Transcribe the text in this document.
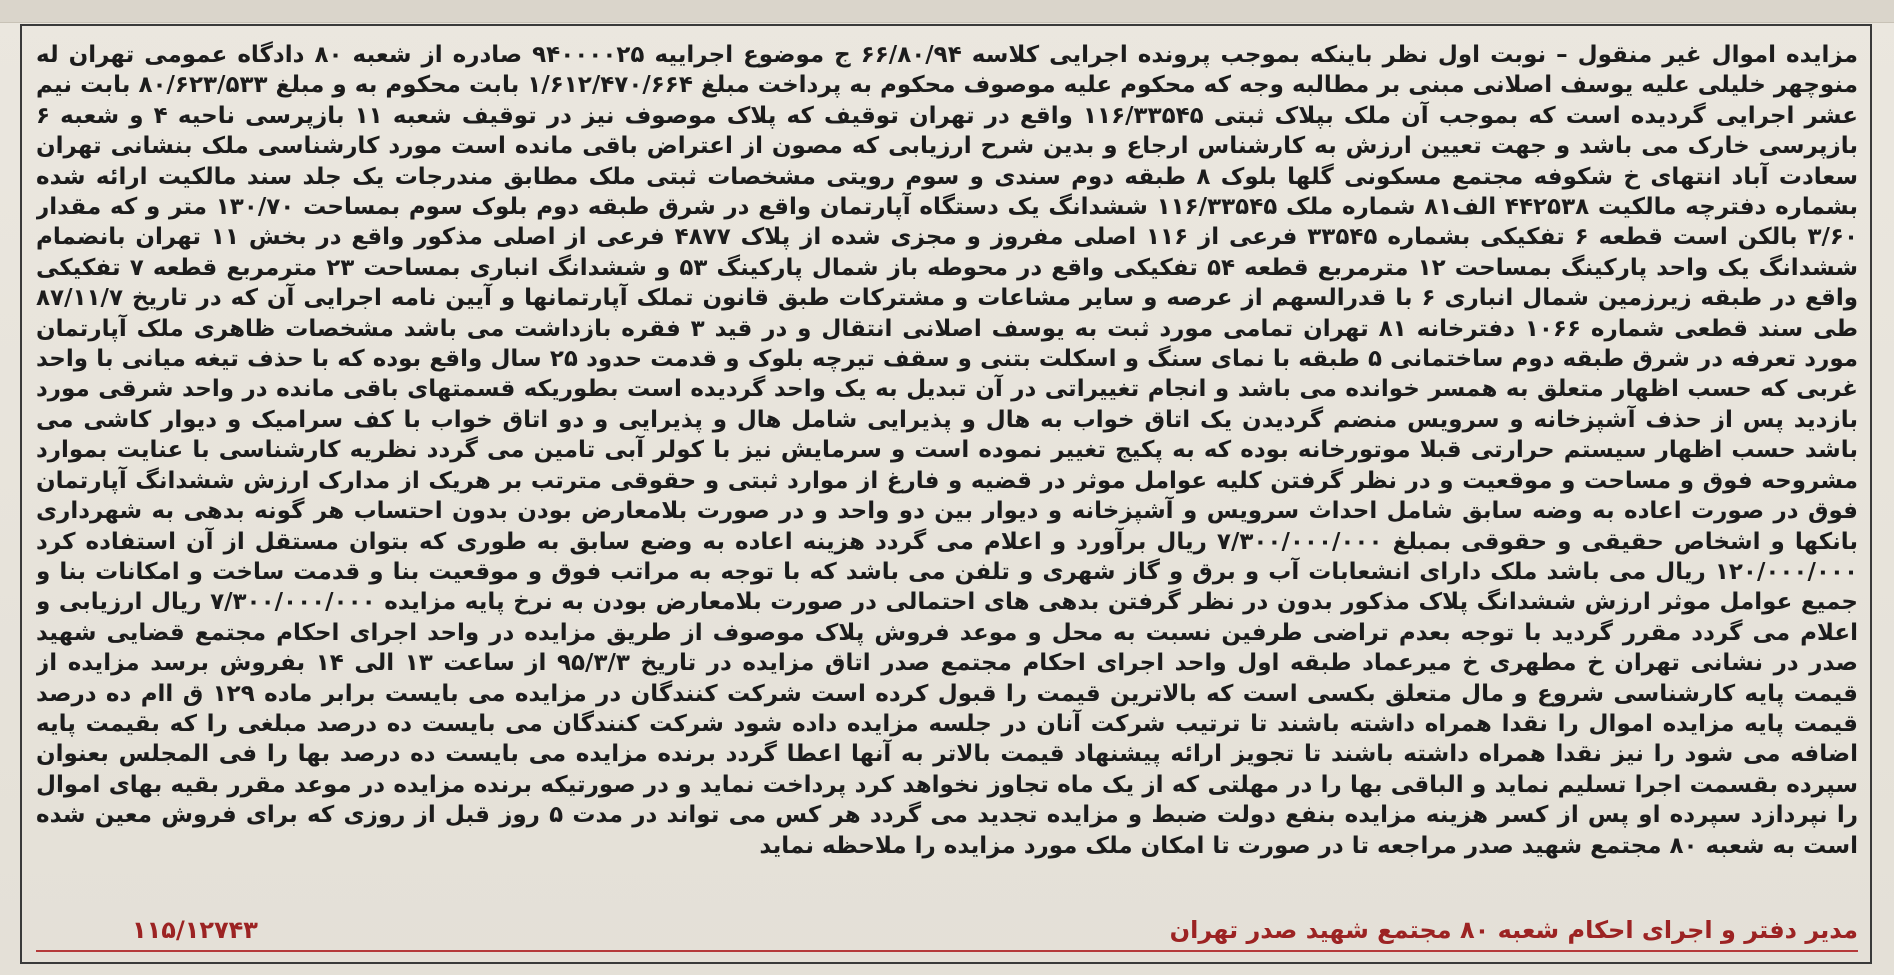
مزایده اموال غیر منقول – نوبت اول نظر باینکه بموجب پرونده اجرایی کلاسه ۶۶/۸۰/۹۴ ج موضوع اجراییه ۹۴۰۰۰۰۲۵ صادره از شعبه ۸۰ دادگاه عمومی تهران له منوچهر خلیلی علیه یوسف اصلانی مبنی بر مطالبه وجه که محکوم علیه موصوف محکوم به پرداخت مبلغ ۱/۶۱۲/۴۷۰/۶۶۴ بابت محکوم به و مبلغ ۸۰/۶۲۳/۵۳۳ بابت نیم عشر اجرایی گردیده است که بموجب آن ملک بپلاک ثبتی ۱۱۶/۳۳۵۴۵ واقع در تهران توقیف که پلاک موصوف نیز در توقیف شعبه ۱۱ بازپرسی ناحیه ۴ و شعبه ۶ بازپرسی خارک می باشد و جهت تعیین ارزش به کارشناس ارجاع و بدین شرح ارزیابی که مصون از اعتراض باقی مانده است مورد کارشناسی ملک بنشانی تهران سعادت آباد انتهای خ شکوفه مجتمع مسکونی گلها بلوک ۸ طبقه دوم سندی و سوم رویتی مشخصات ثبتی ملک مطابق مندرجات یک جلد سند مالکیت ارائه شده بشماره دفترچه مالکیت ۴۴۲۵۳۸ الف۸۱ شماره ملک ۱۱۶/۳۳۵۴۵ ششدانگ یک دستگاه آپارتمان واقع در شرق طبقه دوم بلوک سوم بمساحت ۱۳۰/۷۰ متر و که مقدار ۳/۶۰ بالکن است قطعه ۶ تفکیکی بشماره ۳۳۵۴۵ فرعی از ۱۱۶ اصلی مفروز و مجزی شده از پلاک ۴۸۷۷ فرعی از اصلی مذکور واقع در بخش ۱۱ تهران بانضمام ششدانگ یک واحد پارکینگ بمساحت ۱۲ مترمربع قطعه ۵۴ تفکیکی واقع در محوطه باز شمال پارکینگ ۵۳ و ششدانگ انباری بمساحت ۲۳ مترمربع قطعه ۷ تفکیکی واقع در طبقه زیرزمین شمال انباری ۶ با قدرالسهم از عرصه و سایر مشاعات و مشترکات طبق قانون تملک آپارتمانها و آیین نامه اجرایی آن که در تاریخ ۸۷/۱۱/۷ طی سند قطعی شماره ۱۰۶۶ دفترخانه ۸۱ تهران تمامی مورد ثبت به یوسف اصلانی انتقال و در قید ۳ فقره بازداشت می باشد مشخصات ظاهری ملک آپارتمان مورد تعرفه در شرق طبقه دوم ساختمانی ۵ طبقه با نمای سنگ و اسکلت بتنی و سقف تیرچه بلوک و قدمت حدود ۲۵ سال واقع بوده که با حذف تیغه میانی با واحد غربی که حسب اظهار متعلق به همسر خوانده می باشد و انجام تغییراتی در آن تبدیل به یک واحد گردیده است بطوریکه قسمتهای باقی مانده در واحد شرقی مورد بازدید پس از حذف آشپزخانه و سرویس منضم گردیدن یک اتاق خواب به هال و پذیرایی شامل هال و پذیرایی و دو اتاق خواب با کف سرامیک و دیوار کاشی می باشد حسب اظهار سیستم حرارتی قبلا موتورخانه بوده که به پکیج تغییر نموده است و سرمایش نیز با کولر آبی تامین می گردد نظریه کارشناسی با عنایت بموارد مشروحه فوق و مساحت و موقعیت و در نظر گرفتن کلیه عوامل موثر در قضیه و فارغ از موارد ثبتی و حقوقی مترتب بر هریک از مدارک ارزش ششدانگ آپارتمان فوق در صورت اعاده به وضه سابق شامل احداث سرویس و آشپزخانه و دیوار بین دو واحد و در صورت بلامعارض بودن بدون احتساب هر گونه بدهی به شهرداری بانکها و اشخاص حقیقی و حقوقی بمبلغ ۷/۳۰۰/۰۰۰/۰۰۰ ریال برآورد و اعلام می گردد هزینه اعاده به وضع سابق به طوری که بتوان مستقل از آن استفاده کرد ۱۲۰/۰۰۰/۰۰۰ ریال می باشد ملک دارای انشعابات آب و برق و گاز شهری و تلفن می باشد که با توجه به مراتب فوق و موقعیت بنا و قدمت ساخت و امکانات بنا و جمیع عوامل موثر ارزش ششدانگ پلاک مذکور بدون در نظر گرفتن بدهی های احتمالی در صورت بلامعارض بودن به نرخ پایه مزایده ۷/۳۰۰/۰۰۰/۰۰۰ ریال ارزیابی و اعلام می گردد مقرر گردید با توجه بعدم تراضی طرفین نسبت به محل و موعد فروش پلاک موصوف از طریق مزایده در واحد اجرای احکام مجتمع قضایی شهید صدر در نشانی تهران خ مطهری خ میرعماد طبقه اول واحد اجرای احکام مجتمع صدر اتاق مزایده در تاریخ ۹۵/۳/۳ از ساعت ۱۳ الی ۱۴ بفروش برسد مزایده از قیمت پایه کارشناسی شروع و مال متعلق بکسی است که بالاترین قیمت را قبول کرده است شرکت کنندگان در مزایده می بایست برابر ماده ۱۲۹ ق اام ده درصد قیمت پایه مزایده اموال را نقدا همراه داشته باشند تا ترتیب شرکت آنان در جلسه مزایده داده شود شرکت کنندگان می بایست ده درصد مبلغی را که بقیمت پایه اضافه می شود را نیز نقدا همراه داشته باشند تا تجویز ارائه پیشنهاد قیمت بالاتر به آنها اعطا گردد برنده مزایده می بایست ده درصد بها را فی المجلس بعنوان سپرده بقسمت اجرا تسلیم نماید و الباقی بها را در مهلتی که از یک ماه تجاوز نخواهد کرد پرداخت نماید و در صورتیکه برنده مزایده در موعد مقرر بقیه بهای اموال را نپردازد سپرده او پس از کسر هزینه مزایده بنفع دولت ضبط و مزایده تجدید می گردد هر کس می تواند در مدت ۵ روز قبل از روزی که برای فروش معین شده است به شعبه ۸۰ مجتمع شهید صدر مراجعه تا در صورت تا امکان ملک مورد مزایده را ملاحظه نماید

مدیر دفتر و اجرای احکام شعبه ۸۰ مجتمع شهید صدر تهران
۱۱۵/۱۲۷۴۳
